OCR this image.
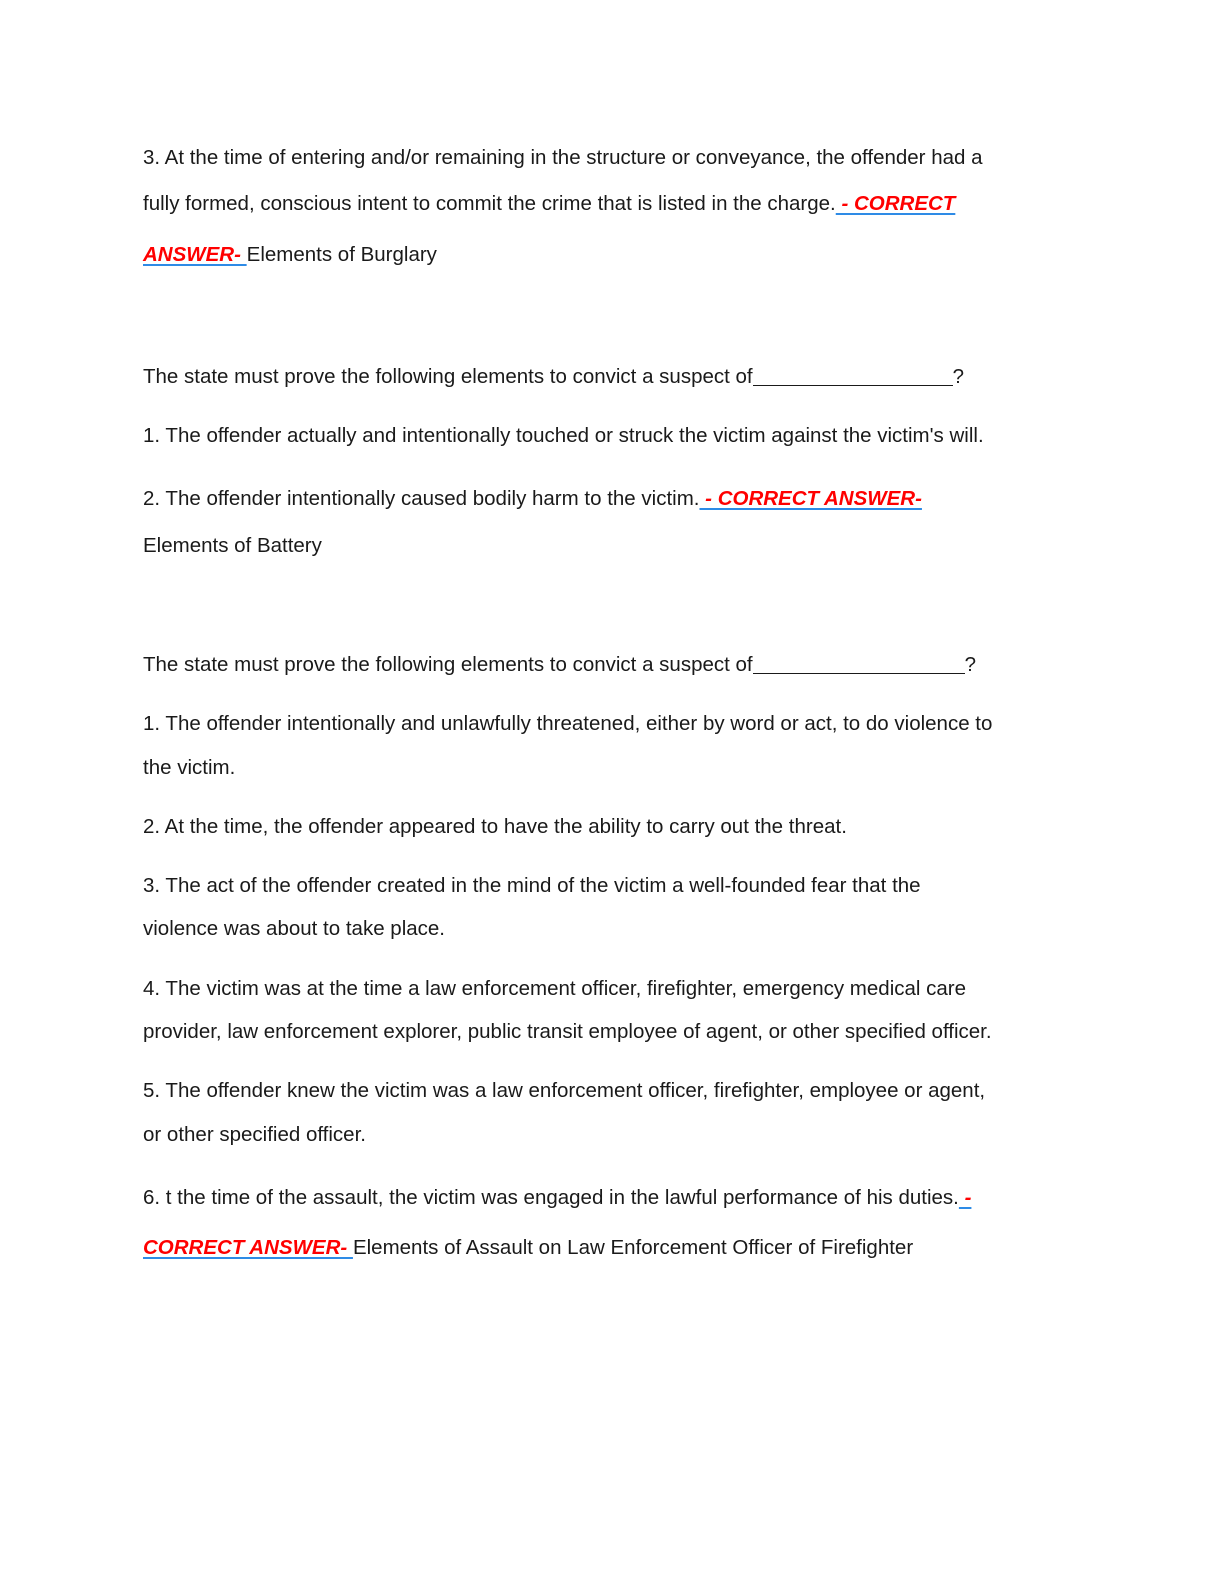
3. At the time of entering and/or remaining in the structure or conveyance, the offender had a
fully formed, conscious intent to commit the crime that is listed in the charge. - CORRECT
ANSWER- Elements of Burglary
The state must prove the following elements to convict a suspect of	?
1. The offender actually and intentionally touched or struck the victim against the victim's will.
2. The offender intentionally caused bodily harm to the victim. - CORRECT ANSWER-
Elements of Battery
The state must prove the following elements to convict a suspect of	?
1. The offender intentionally and unlawfully threatened, either by word or act, to do violence to
the victim.
2. At the time, the offender appeared to have the ability to carry out the threat.
3. The act of the offender created in the mind of the victim a well-founded fear that the
violence was about to take place.
4. The victim was at the time a law enforcement officer, firefighter, emergency medical care
provider, law enforcement explorer, public transit employee of agent, or other specified officer.
5. The offender knew the victim was a law enforcement officer, firefighter, employee or agent,
or other specified officer.
6. t the time of the assault, the victim was engaged in the lawful performance of his duties. -
CORRECT ANSWER- Elements of Assault on Law Enforcement Officer of Firefighter
